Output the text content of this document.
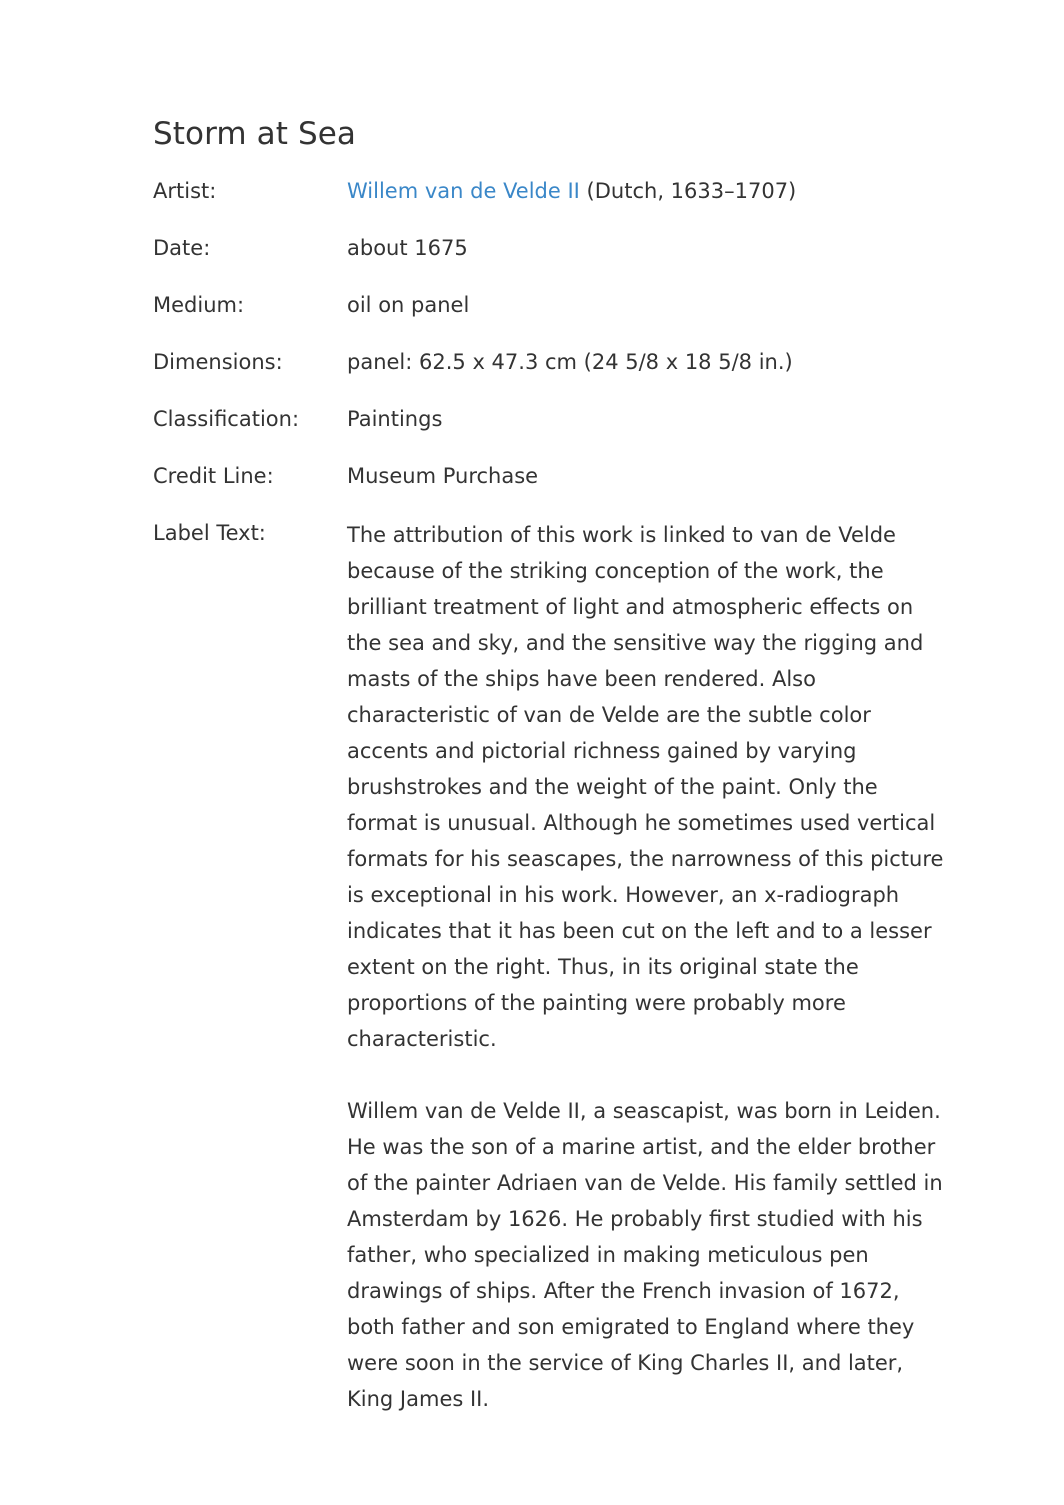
Storm at Sea
Artist:	Willem van de Velde II (Dutch, 1633–1707)
Date:	about 1675
Medium:	oil on panel
Dimensions:	panel: 62.5 x 47.3 cm (24 5/8 x 18 5/8 in.)
Classification:	Paintings
Credit Line:	Museum Purchase
Label Text:	The attribution of this work is linked to van de Velde because of the striking conception of the work, the brilliant treatment of light and atmospheric effects on the sea and sky, and the sensitive way the rigging and masts of the ships have been rendered. Also characteristic of van de Velde are the subtle color accents and pictorial richness gained by varying brushstrokes and the weight of the paint. Only the format is unusual. Although he sometimes used vertical formats for his seascapes, the narrowness of this picture is exceptional in his work. However, an x-radiograph indicates that it has been cut on the left and to a lesser extent on the right. Thus, in its original state the proportions of the painting were probably more characteristic.

Willem van de Velde II, a seascapist, was born in Leiden. He was the son of a marine artist, and the elder brother of the painter Adriaen van de Velde. His family settled in Amsterdam by 1626. He probably first studied with his father, who specialized in making meticulous pen drawings of ships. After the French invasion of 1672, both father and son emigrated to England where they were soon in the service of King Charles II, and later, King James II.
